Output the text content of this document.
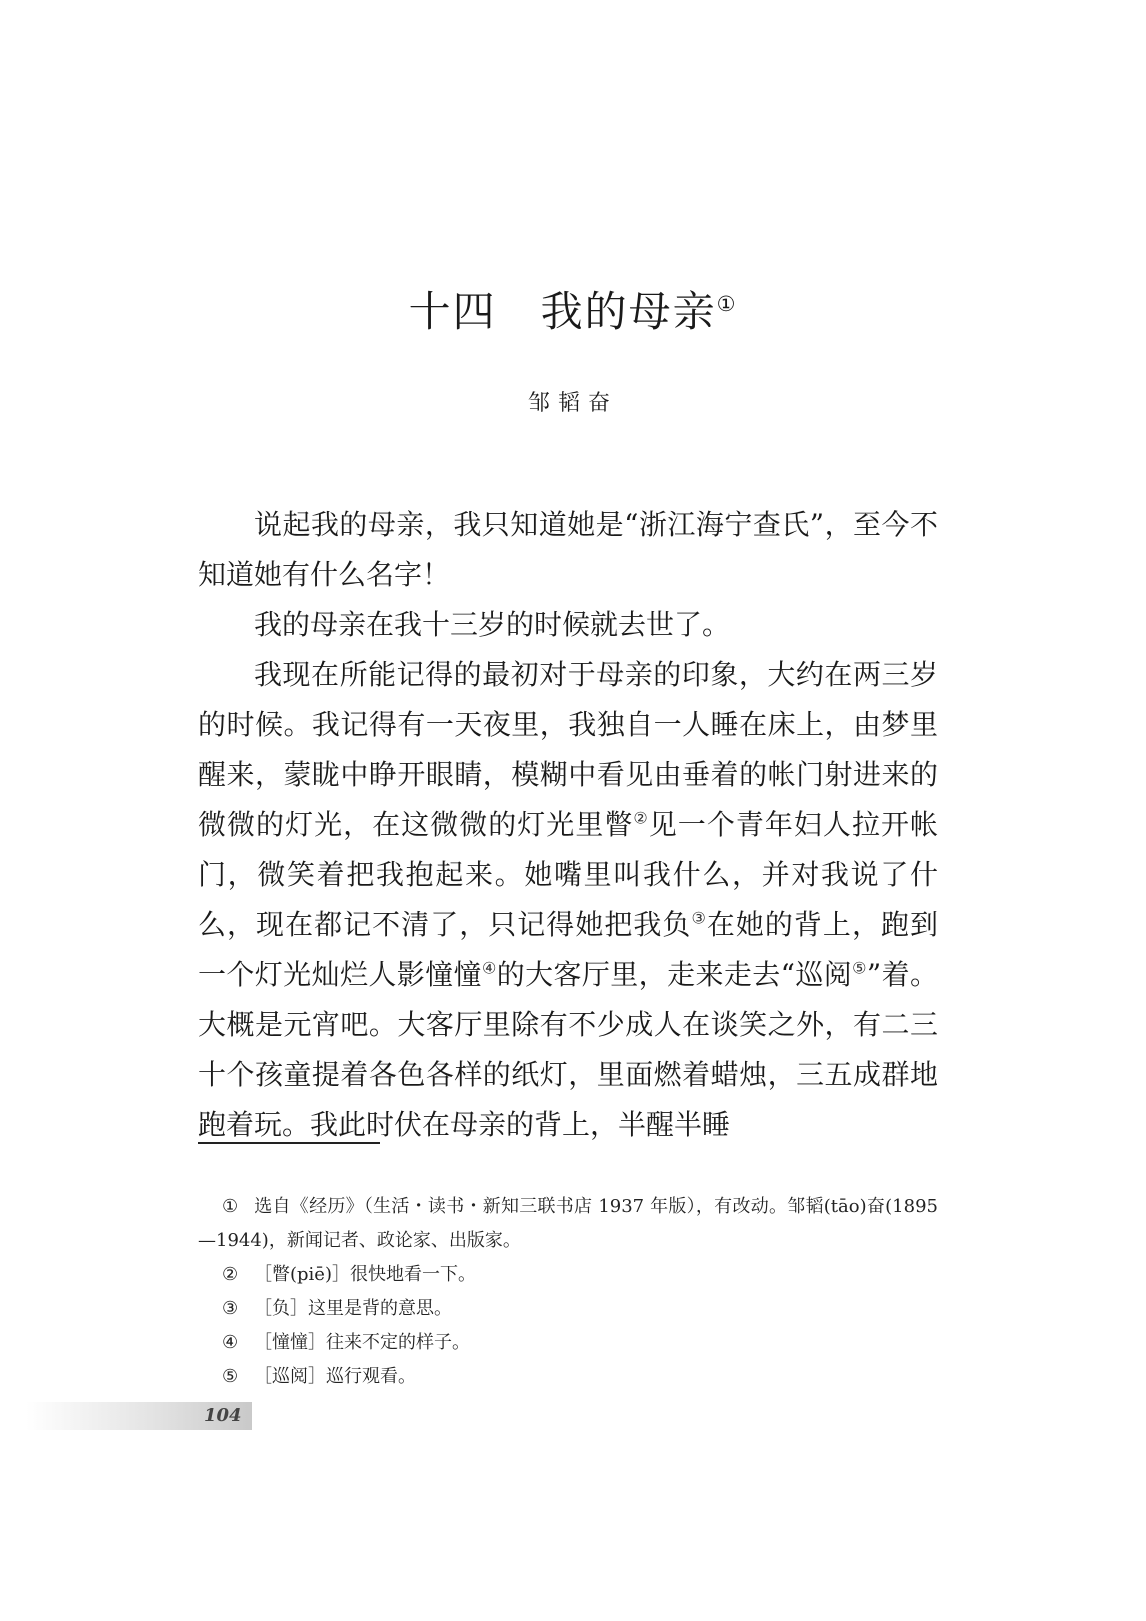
十四 我的母亲①
邹韬奋

说起我的母亲，我只知道她是“浙江海宁查氏”，至今不知道她有什么名字！

我的母亲在我十三岁的时候就去世了。

我现在所能记得的最初对于母亲的印象，大约在两三岁的时候。我记得有一天夜里，我独自一人睡在床上，由梦里醒来，蒙眬中睁开眼睛，模糊中看见由垂着的帐门射进来的微微的灯光，在这微微的灯光里瞥②见一个青年妇人拉开帐门，微笑着把我抱起来。她嘴里叫我什么，并对我说了什么，现在都记不清了，只记得她把我负③在她的背上，跑到一个灯光灿烂人影憧憧④的大客厅里，走来走去“巡阅⑤”着。大概是元宵吧。大客厅里除有不少成人在谈笑之外，有二三十个孩童提着各色各样的纸灯，里面燃着蜡烛，三五成群地跑着玩。我此时伏在母亲的背上，半醒半睡

① 选自《经历》（生活・读书・新知三联书店 1937 年版），有改动。邹韬(tāo)奋(1895—1944)，新闻记者、政论家、出版家。

② ［瞥(piē)］很快地看一下。

③ ［负］这里是背的意思。

④ ［憧憧］往来不定的样子。

⑤ ［巡阅］巡行观看。

104
